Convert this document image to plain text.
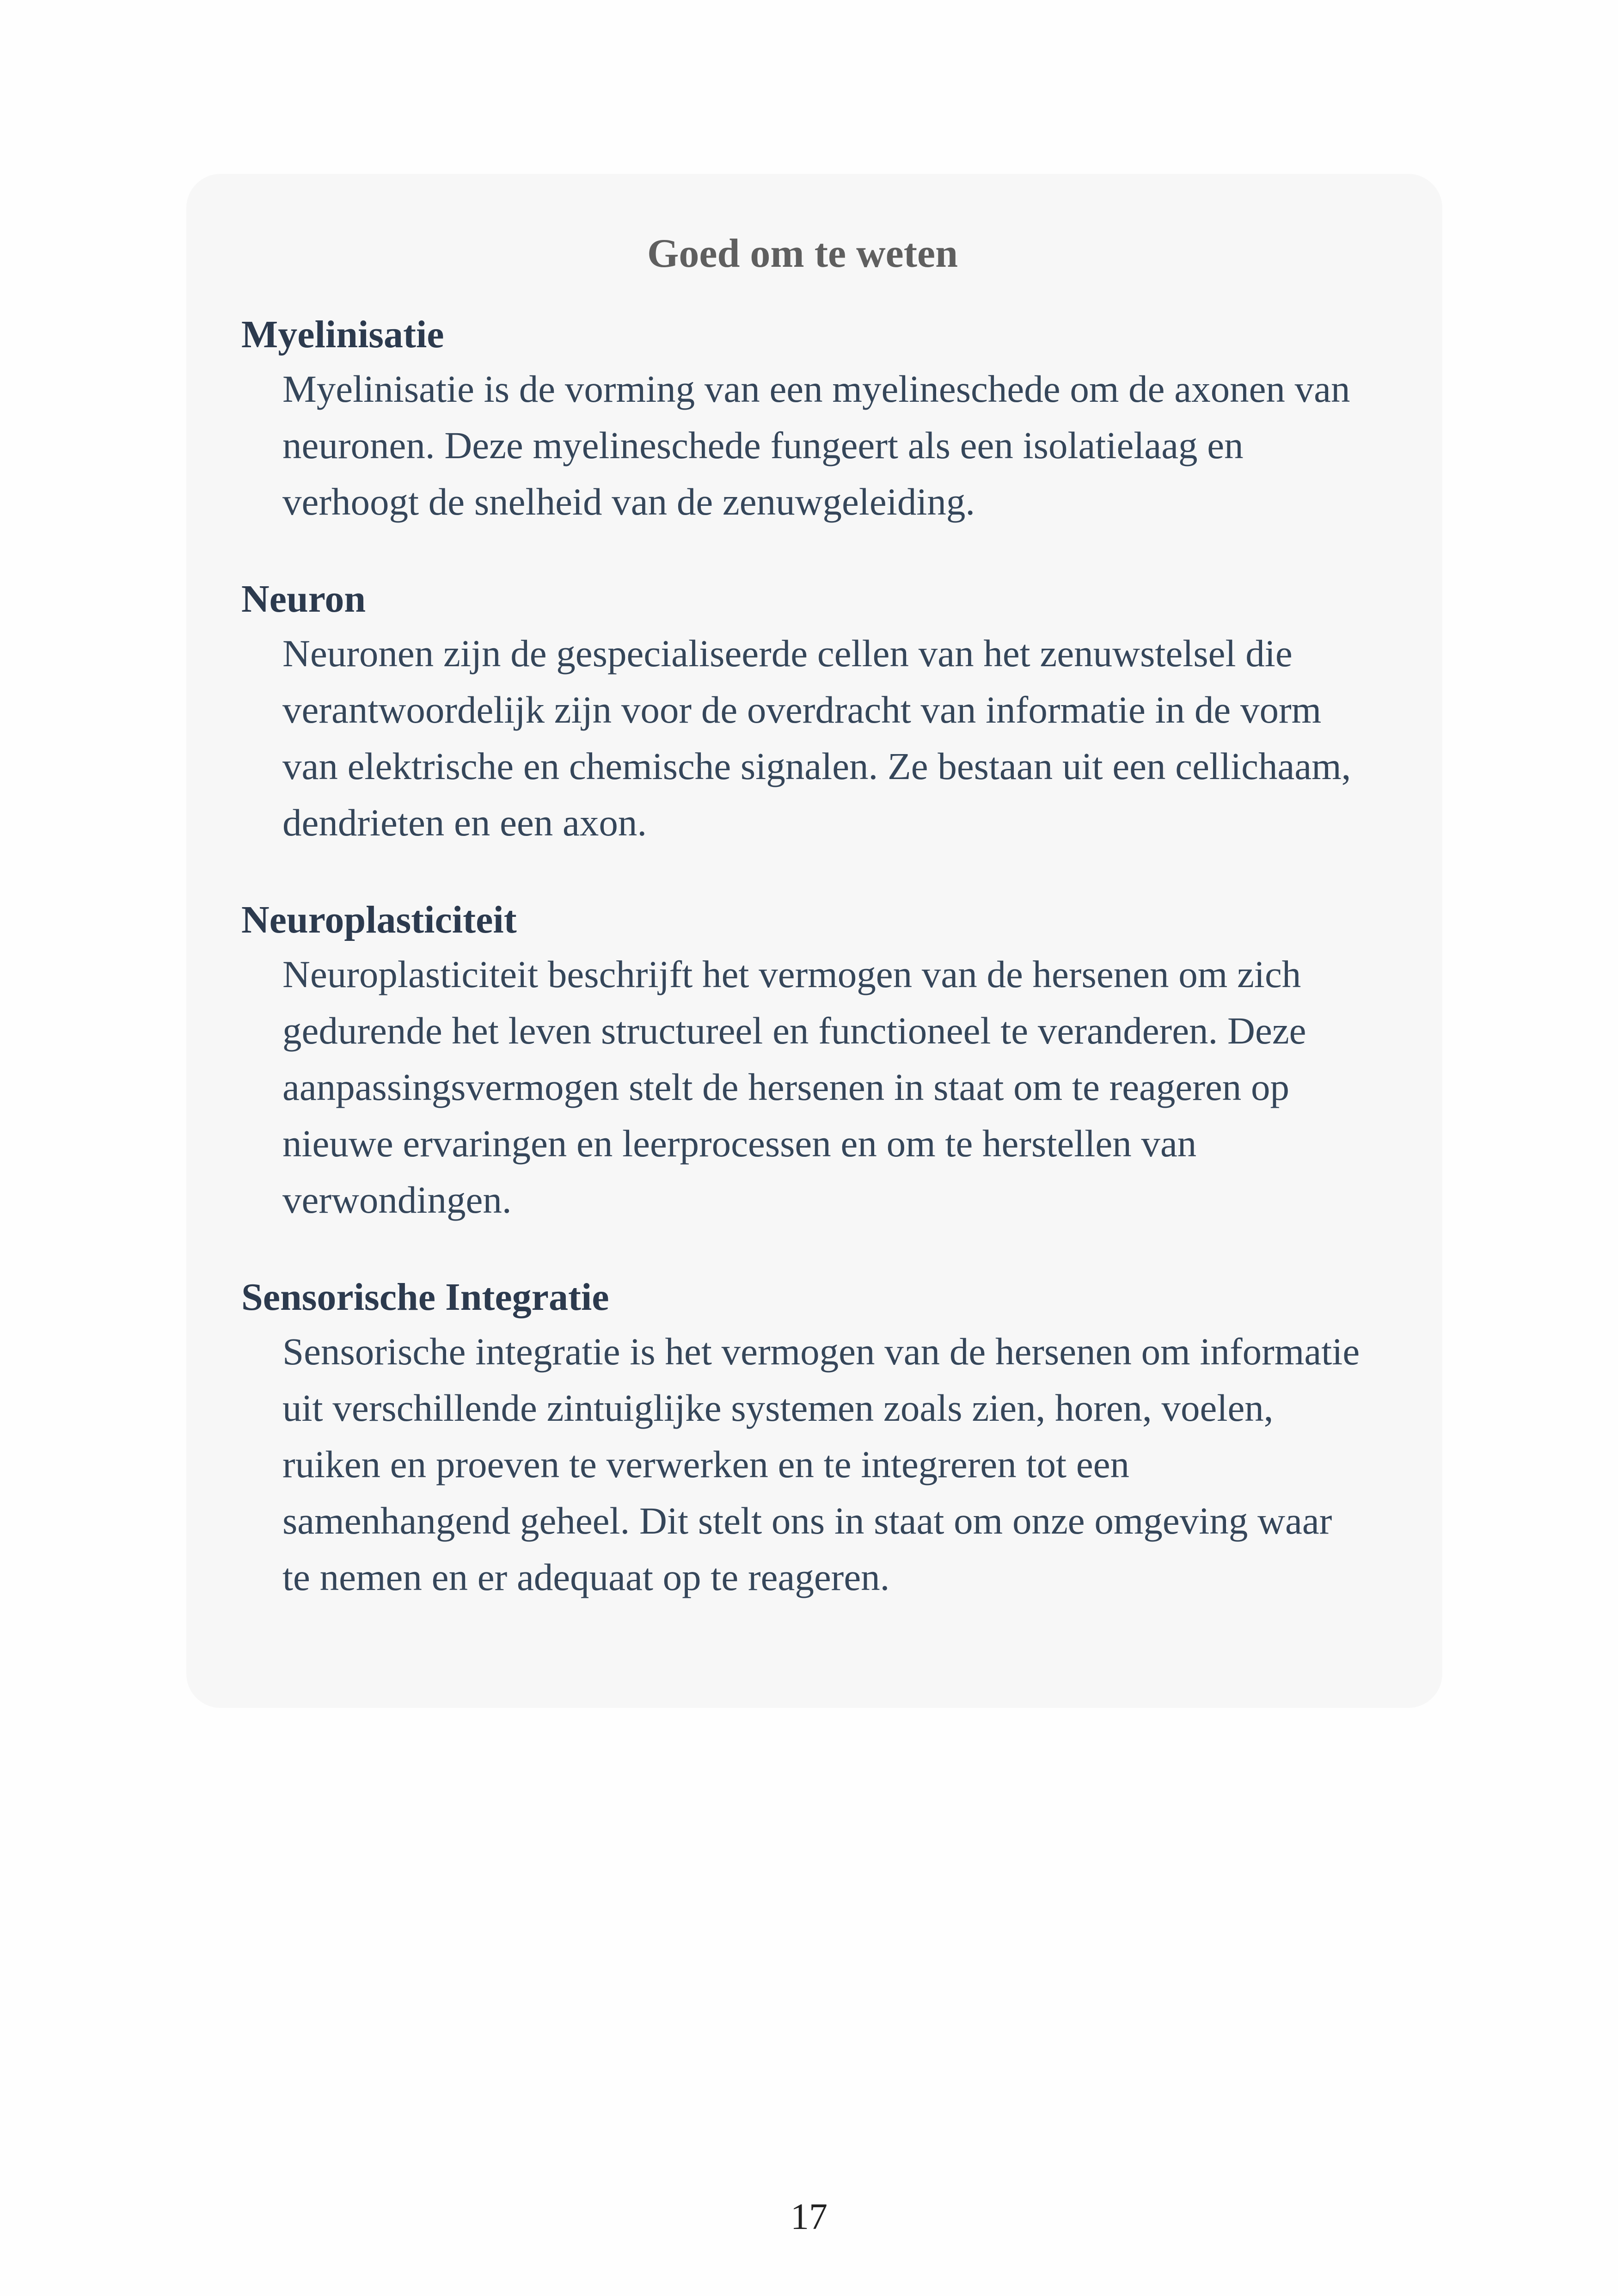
Goed om te weten

Myelinisatie

Myelinisatie is de vorming van een myelineschede om de axonen van neuronen. Deze myelineschede fungeert als een isolatielaag en verhoogt de snelheid van de zenuwgeleiding.

Neuron

Neuronen zijn de gespecialiseerde cellen van het zenuwstelsel die verantwoordelijk zijn voor de overdracht van informatie in de vorm van elektrische en chemische signalen. Ze bestaan uit een cellichaam, dendrieten en een axon.

Neuroplasticiteit

Neuroplasticiteit beschrijft het vermogen van de hersenen om zich gedurende het leven structureel en functioneel te veranderen. Deze aanpassingsvermogen stelt de hersenen in staat om te reageren op nieuwe ervaringen en leerprocessen en om te herstellen van verwondingen.

Sensorische Integratie

Sensorische integratie is het vermogen van de hersenen om informatie uit verschillende zintuiglijke systemen zoals zien, horen, voelen, ruiken en proeven te verwerken en te integreren tot een samenhangend geheel. Dit stelt ons in staat om onze omgeving waar te nemen en er adequaat op te reageren.

17
